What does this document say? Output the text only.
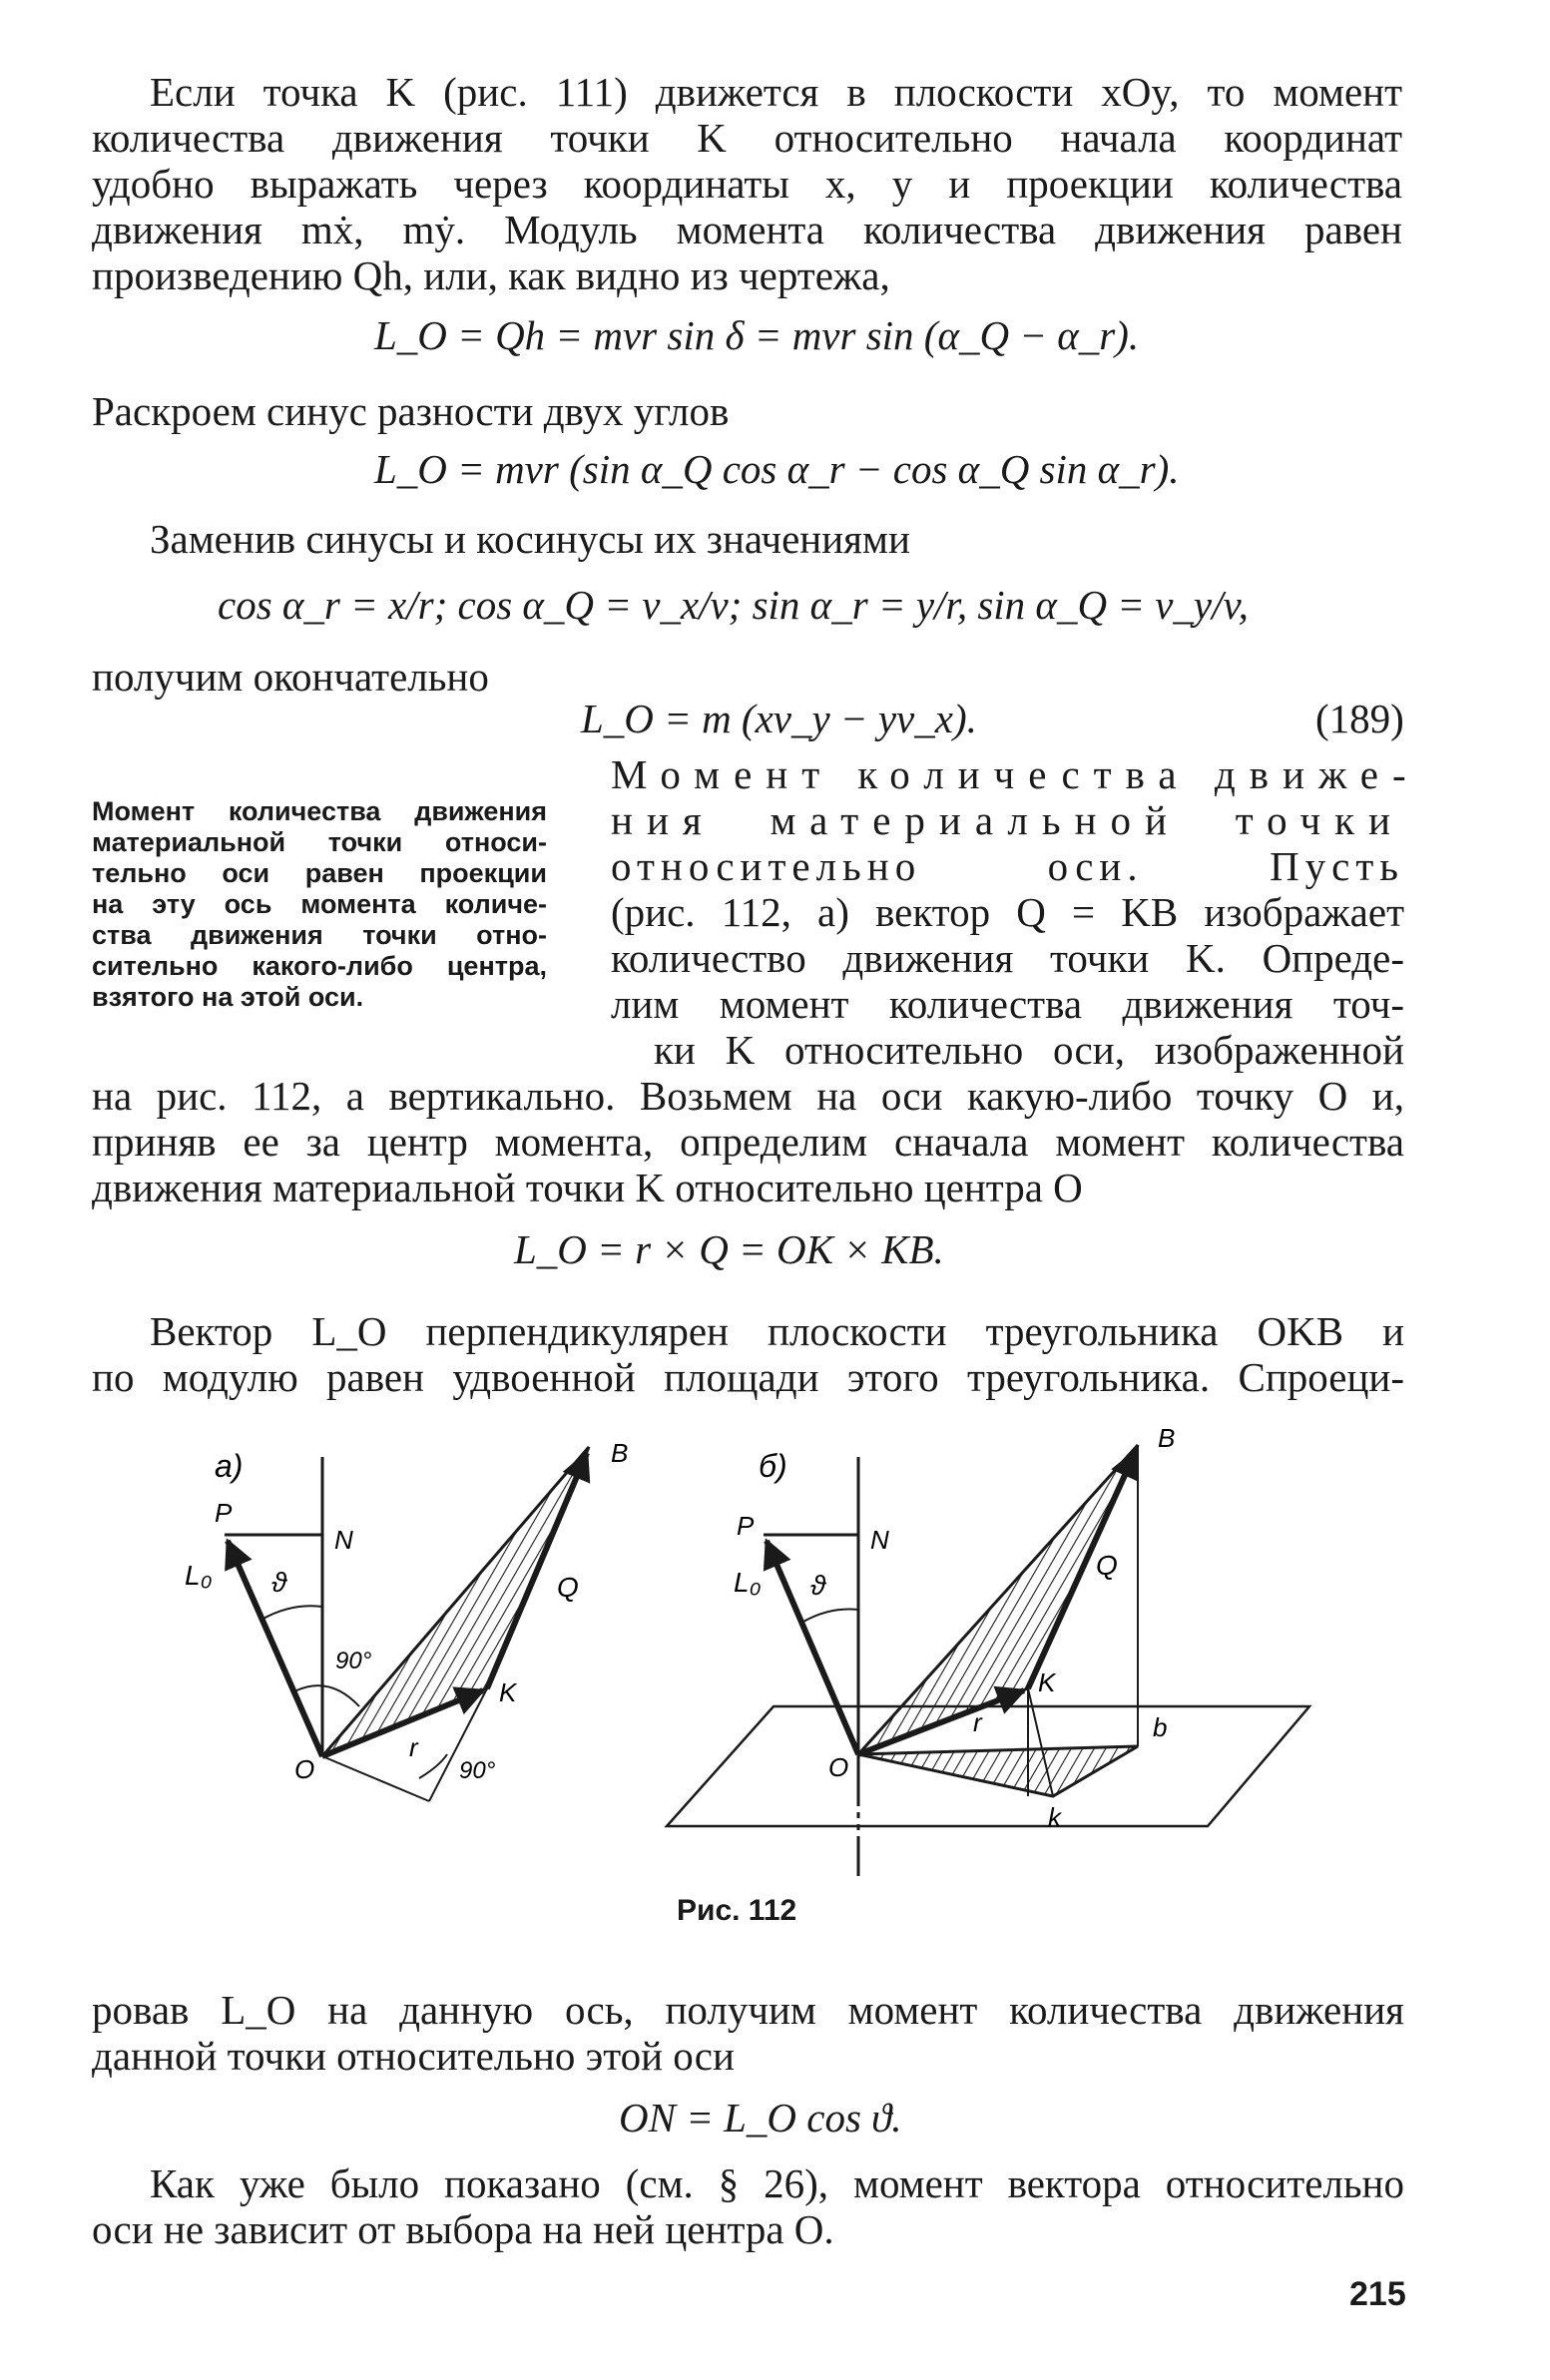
Если точка K (рис. 111) движется в плоскости xOy, то момент
количества движения точки K относительно начала координат
удобно выражать через координаты x, y и проекции количества
движения mẋ, mẏ. Модуль момента количества движения равен
произведению Qh, или, как видно из чертежа,
L_O = Qh = mvr sin δ = mvr sin (α_Q − α_r).
Раскроем синус разности двух углов
L_O = mvr (sin α_Q cos α_r − cos α_Q sin α_r).
Заменив синусы и косинусы их значениями
cos α_r = x/r; cos α_Q = v_x/v; sin α_r = y/r, sin α_Q = v_y/v,
получим окончательно
L_O = m (xv_y − yv_x).	(189)
Момент количества движения
материальной точки относи-
тельно оси равен проекции
на эту ось момента количе-
ства движения точки отно-
сительно какого-либо центра,
взятого на этой оси.
Момент количества движе-
ния материальной точки
относительно оси. Пусть
(рис. 112, а) вектор Q = KB изображает
количество движения точки K. Опреде-
лим момент количества движения точ-
ки K относительно оси, изображенной
на рис. 112, а вертикально. Возьмем на оси какую-либо точку O и,
приняв ее за центр момента, определим сначала момент количества
движения материальной точки K относительно центра O
L_O = r × Q = OK × KB.
Вектор L_O перпендикулярен плоскости треугольника OKB и
по модулю равен удвоенной площади этого треугольника. Спроеци-
а)
P
N
B
Q
L₀ ϑ
90°
K
r
O	90°
б)
P	N
B
Q
L₀ ϑ
K
r
O
b
k
Рис. 112
ровав L_O на данную ось, получим момент количества движения
данной точки относительно этой оси
ON = L_O cos ϑ.
Как уже было показано (см. § 26), момент вектора относительно
оси не зависит от выбора на ней центра O.
215
